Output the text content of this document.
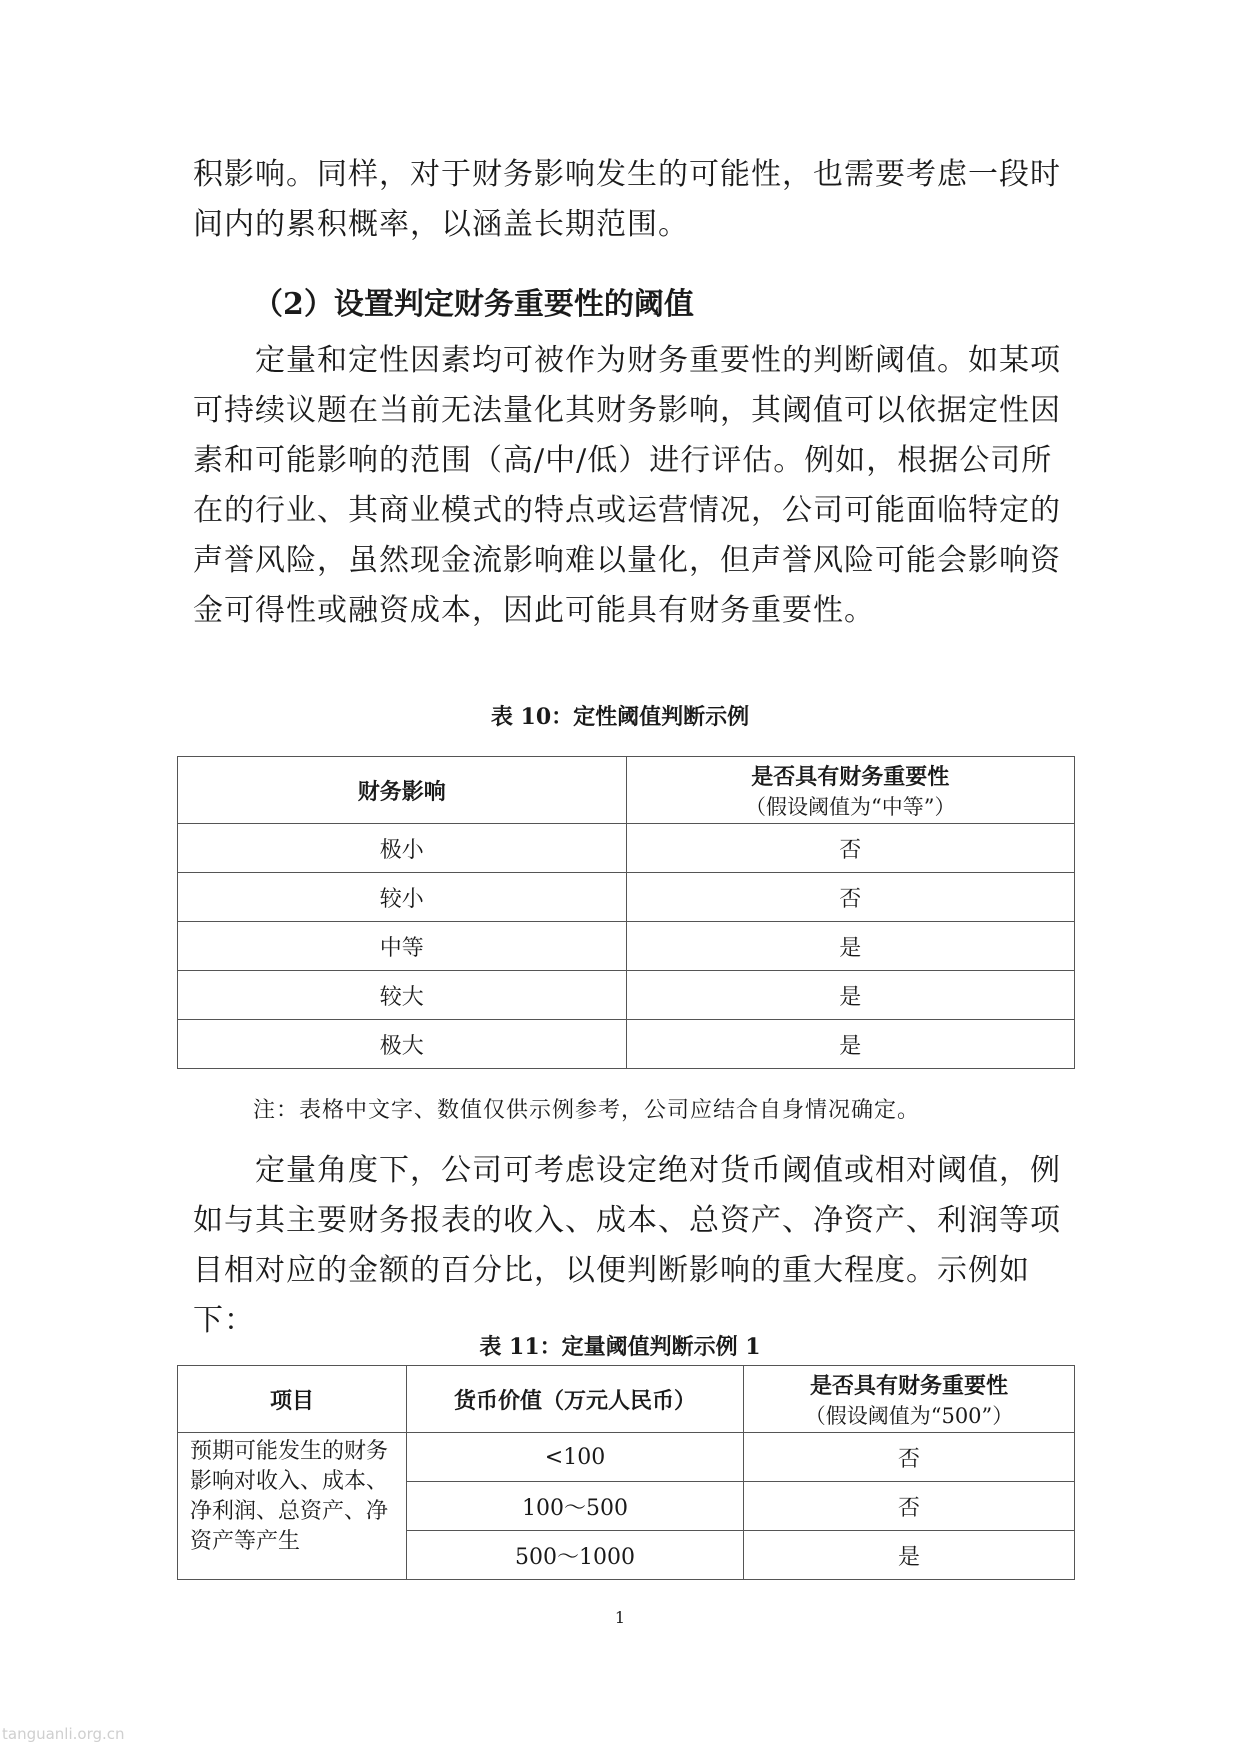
积影响。同样，对于财务影响发生的可能性，也需要考虑一段时间内的累积概率，以涵盖长期范围。

（2）设置判定财务重要性的阈值

定量和定性因素均可被作为财务重要性的判断阈值。如某项可持续议题在当前无法量化其财务影响，其阈值可以依据定性因素和可能影响的范围（高/中/低）进行评估。例如，根据公司所在的行业、其商业模式的特点或运营情况，公司可能面临特定的声誉风险，虽然现金流影响难以量化，但声誉风险可能会影响资金可得性或融资成本，因此可能具有财务重要性。

表 10：定性阈值判断示例

财务影响	是否具有财务重要性
（假设阈值为“中等”）

极小	否
较小	否
中等	是
较大	是
极大	是

注：表格中文字、数值仅供示例参考，公司应结合自身情况确定。

定量角度下，公司可考虑设定绝对货币阈值或相对阈值，例如与其主要财务报表的收入、成本、总资产、净资产、利润等项目相对应的金额的百分比，以便判断影响的重大程度。示例如下：

表 11：定量阈值判断示例 1

项目	货币价值（万元人民币）	是否具有财务重要性
（假设阈值为“500”）

预期可能发生的财务影响对收入、成本、净利润、总资产、净资产等产生	<100	否
	100～500	否
	500～1000	是

1

tanguanli.org.cn
